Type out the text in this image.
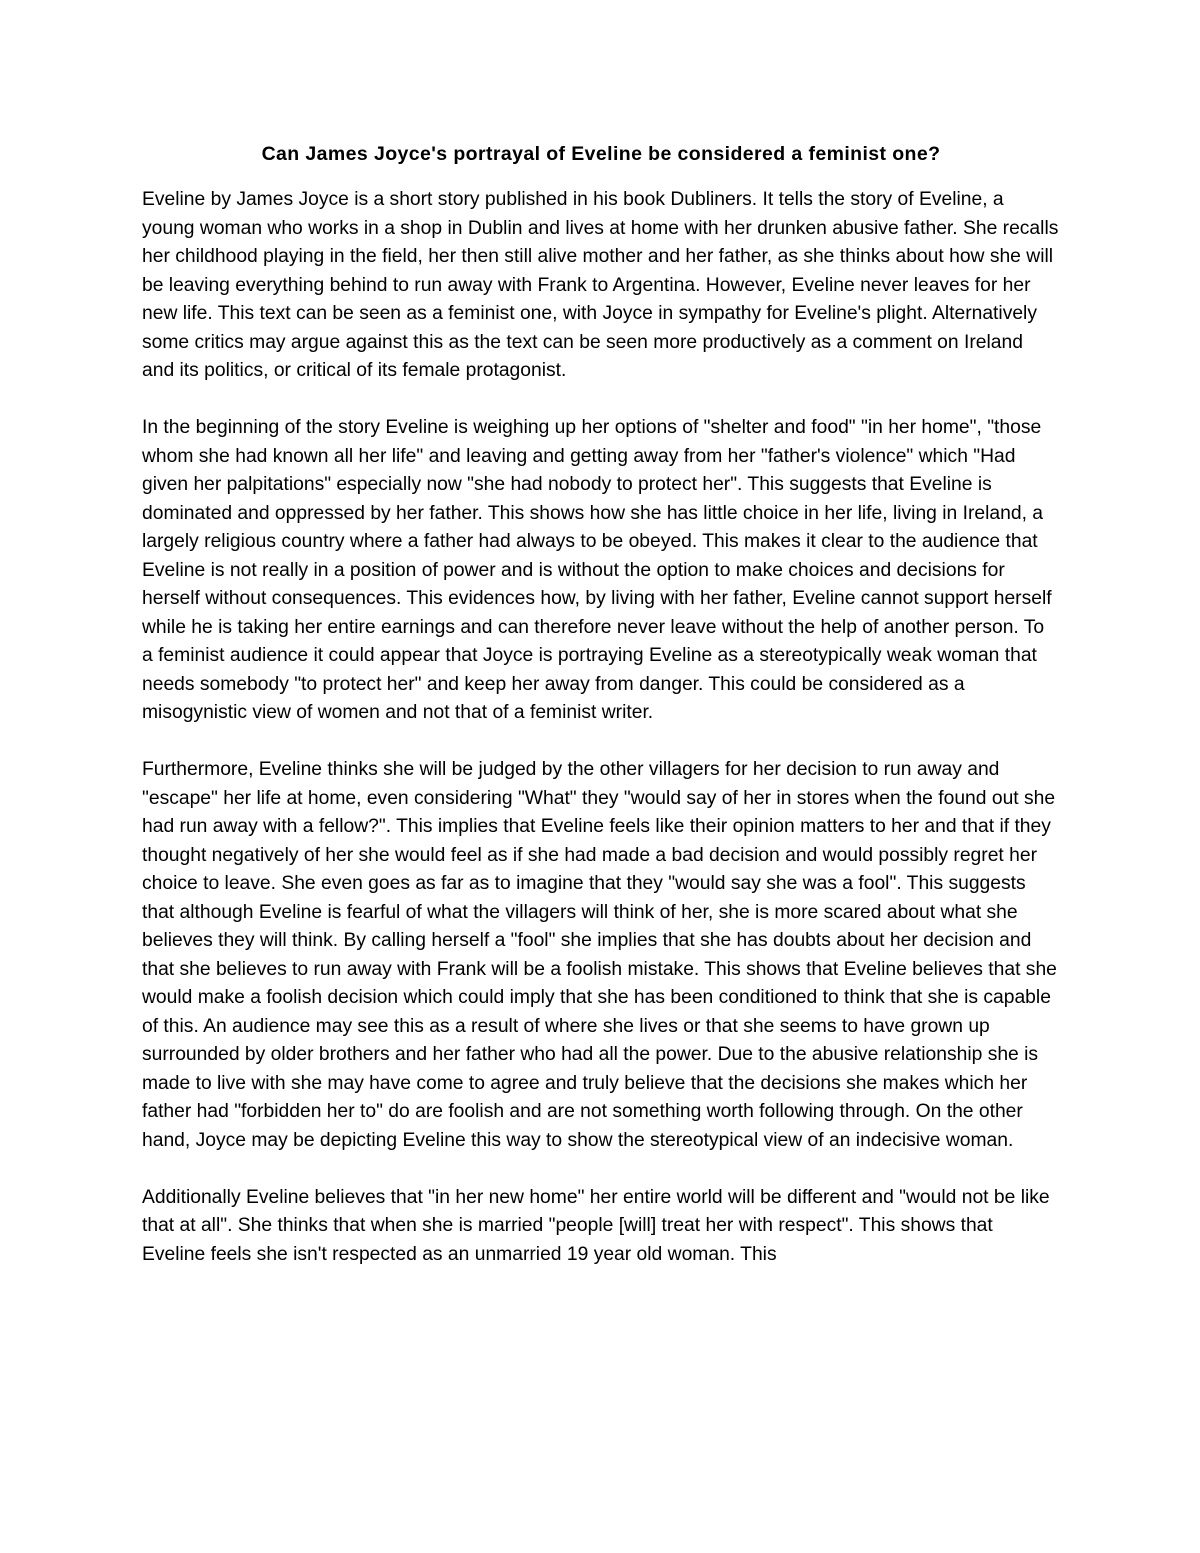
Can James Joyce's portrayal of Eveline be considered a feminist one?

Eveline by James Joyce is a short story published in his book Dubliners. It tells the story of Eveline, a young woman who works in a shop in Dublin and lives at home with her drunken abusive father. She recalls her childhood playing in the field, her then still alive mother and her father, as she thinks about how she will be leaving everything behind to run away with Frank to Argentina. However, Eveline never leaves for her new life. This text can be seen as a feminist one, with Joyce in sympathy for Eveline's plight. Alternatively some critics may argue against this as the text can be seen more productively as a comment on Ireland and its politics, or critical of its female protagonist.

In the beginning of the story Eveline is weighing up her options of "shelter and food" "in her home", "those whom she had known all her life" and leaving and getting away from her "father's violence" which "Had given her palpitations" especially now "she had nobody to protect her". This suggests that Eveline is dominated and oppressed by her father. This shows how she has little choice in her life, living in Ireland, a largely religious country where a father had always to be obeyed. This makes it clear to the audience that Eveline is not really in a position of power and is without the option to make choices and decisions for herself without consequences. This evidences how, by living with her father, Eveline cannot support herself while he is taking her entire earnings and can therefore never leave without the help of another person. To a feminist audience it could appear that Joyce is portraying Eveline as a stereotypically weak woman that needs somebody "to protect her" and keep her away from danger. This could be considered as a misogynistic view of women and not that of a feminist writer.

Furthermore, Eveline thinks she will be judged by the other villagers for her decision to run away and "escape" her life at home, even considering "What" they "would say of her in stores when the found out she had run away with a fellow?". This implies that Eveline feels like their opinion matters to her and that if they thought negatively of her she would feel as if she had made a bad decision and would possibly regret her choice to leave. She even goes as far as to imagine that they "would say she was a fool". This suggests that although Eveline is fearful of what the villagers will think of her, she is more scared about what she believes they will think. By calling herself a "fool" she implies that she has doubts about her decision and that she believes to run away with Frank will be a foolish mistake. This shows that Eveline believes that she would make a foolish decision which could imply that she has been conditioned to think that she is capable of this. An audience may see this as a result of where she lives or that she seems to have grown up surrounded by older brothers and her father who had all the power. Due to the abusive relationship she is made to live with she may have come to agree and truly believe that the decisions she makes which her father had "forbidden her to" do are foolish and are not something worth following through. On the other hand, Joyce may be depicting Eveline this way to show the stereotypical view of an indecisive woman.

Additionally Eveline believes that "in her new home" her entire world will be different and "would not be like that at all". She thinks that when she is married "people [will] treat her with respect". This shows that Eveline feels she isn't respected as an unmarried 19 year old woman. This
